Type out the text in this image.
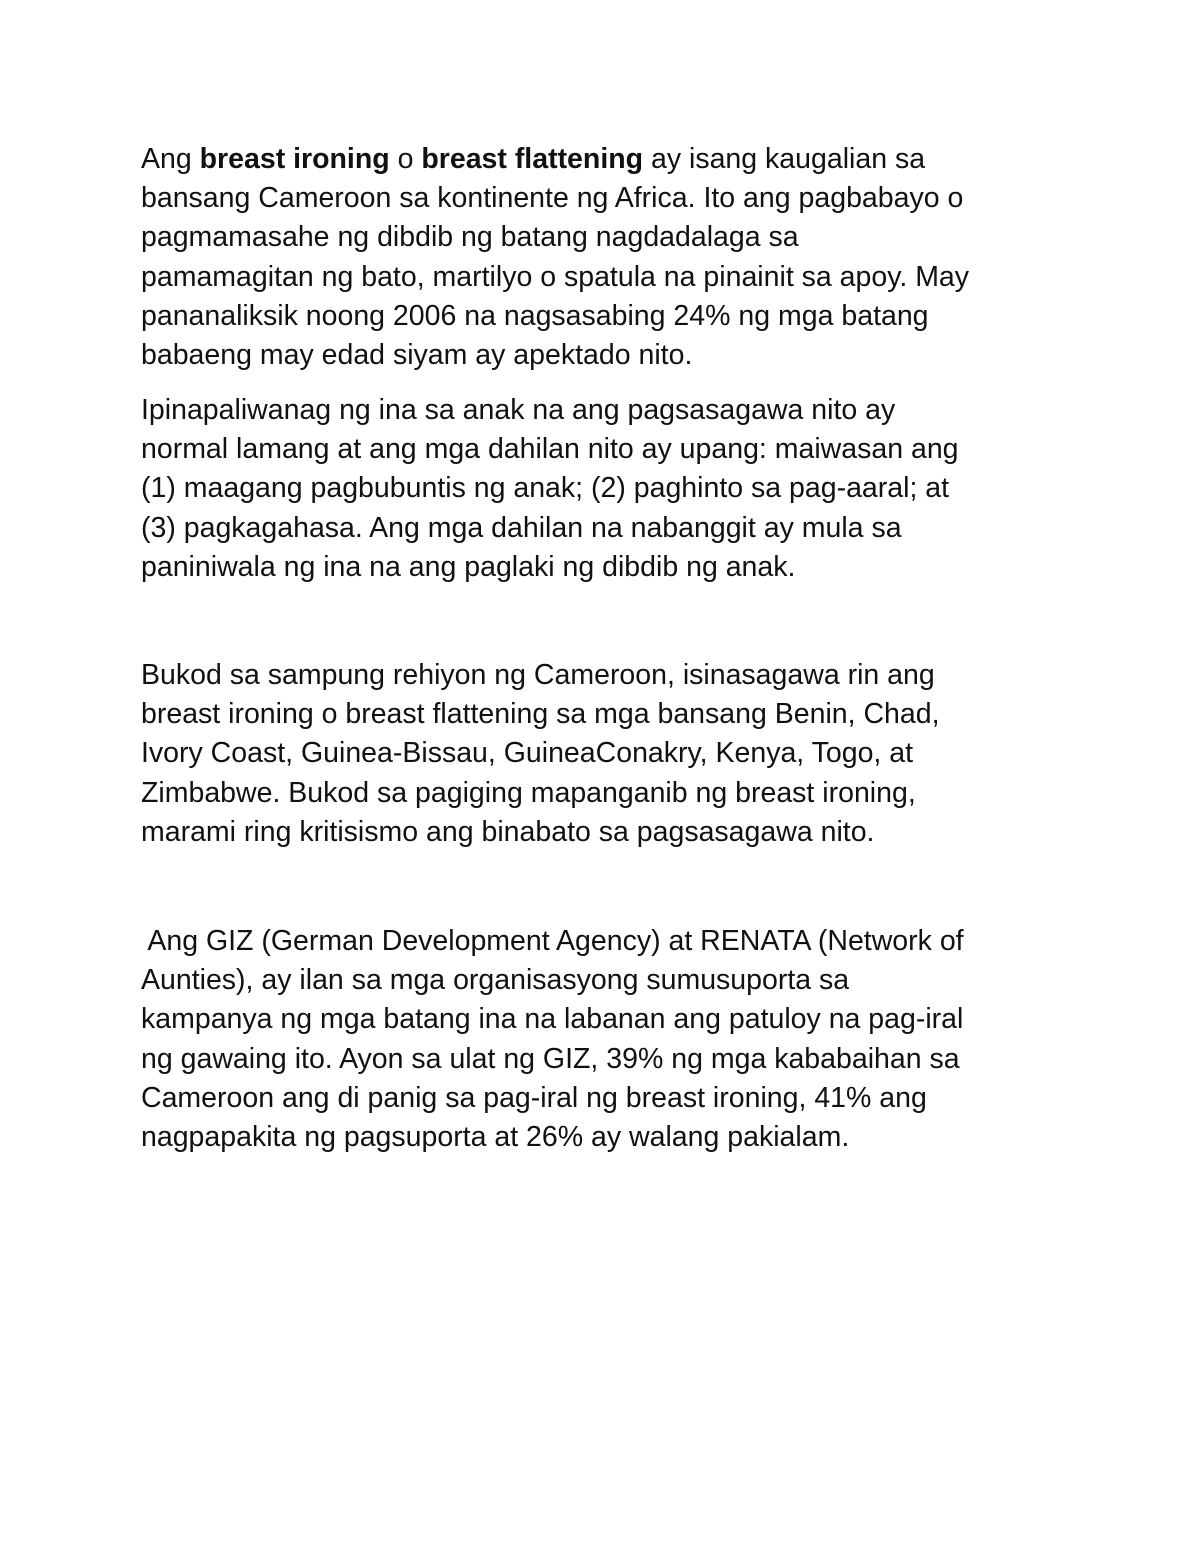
Ang breast ironing o breast flattening ay isang kaugalian sa
bansang Cameroon sa kontinente ng Africa. Ito ang pagbabayo o
pagmamasahe ng dibdib ng batang nagdadalaga sa
pamamagitan ng bato, martilyo o spatula na pinainit sa apoy. May
pananaliksik noong 2006 na nagsasabing 24% ng mga batang
babaeng may edad siyam ay apektado nito.

Ipinapaliwanag ng ina sa anak na ang pagsasagawa nito ay
normal lamang at ang mga dahilan nito ay upang: maiwasan ang
(1) maagang pagbubuntis ng anak; (2) paghinto sa pag-aaral; at
(3) pagkagahasa. Ang mga dahilan na nabanggit ay mula sa
paniniwala ng ina na ang paglaki ng dibdib ng anak.

Bukod sa sampung rehiyon ng Cameroon, isinasagawa rin ang
breast ironing o breast flattening sa mga bansang Benin, Chad,
Ivory Coast, Guinea-Bissau, GuineaConakry, Kenya, Togo, at
Zimbabwe. Bukod sa pagiging mapanganib ng breast ironing,
marami ring kritisismo ang binabato sa pagsasagawa nito.

Ang GIZ (German Development Agency) at RENATA (Network of
Aunties), ay ilan sa mga organisasyong sumusuporta sa
kampanya ng mga batang ina na labanan ang patuloy na pag-iral
ng gawaing ito. Ayon sa ulat ng GIZ, 39% ng mga kababaihan sa
Cameroon ang di panig sa pag-iral ng breast ironing, 41% ang
nagpapakita ng pagsuporta at 26% ay walang pakialam.
